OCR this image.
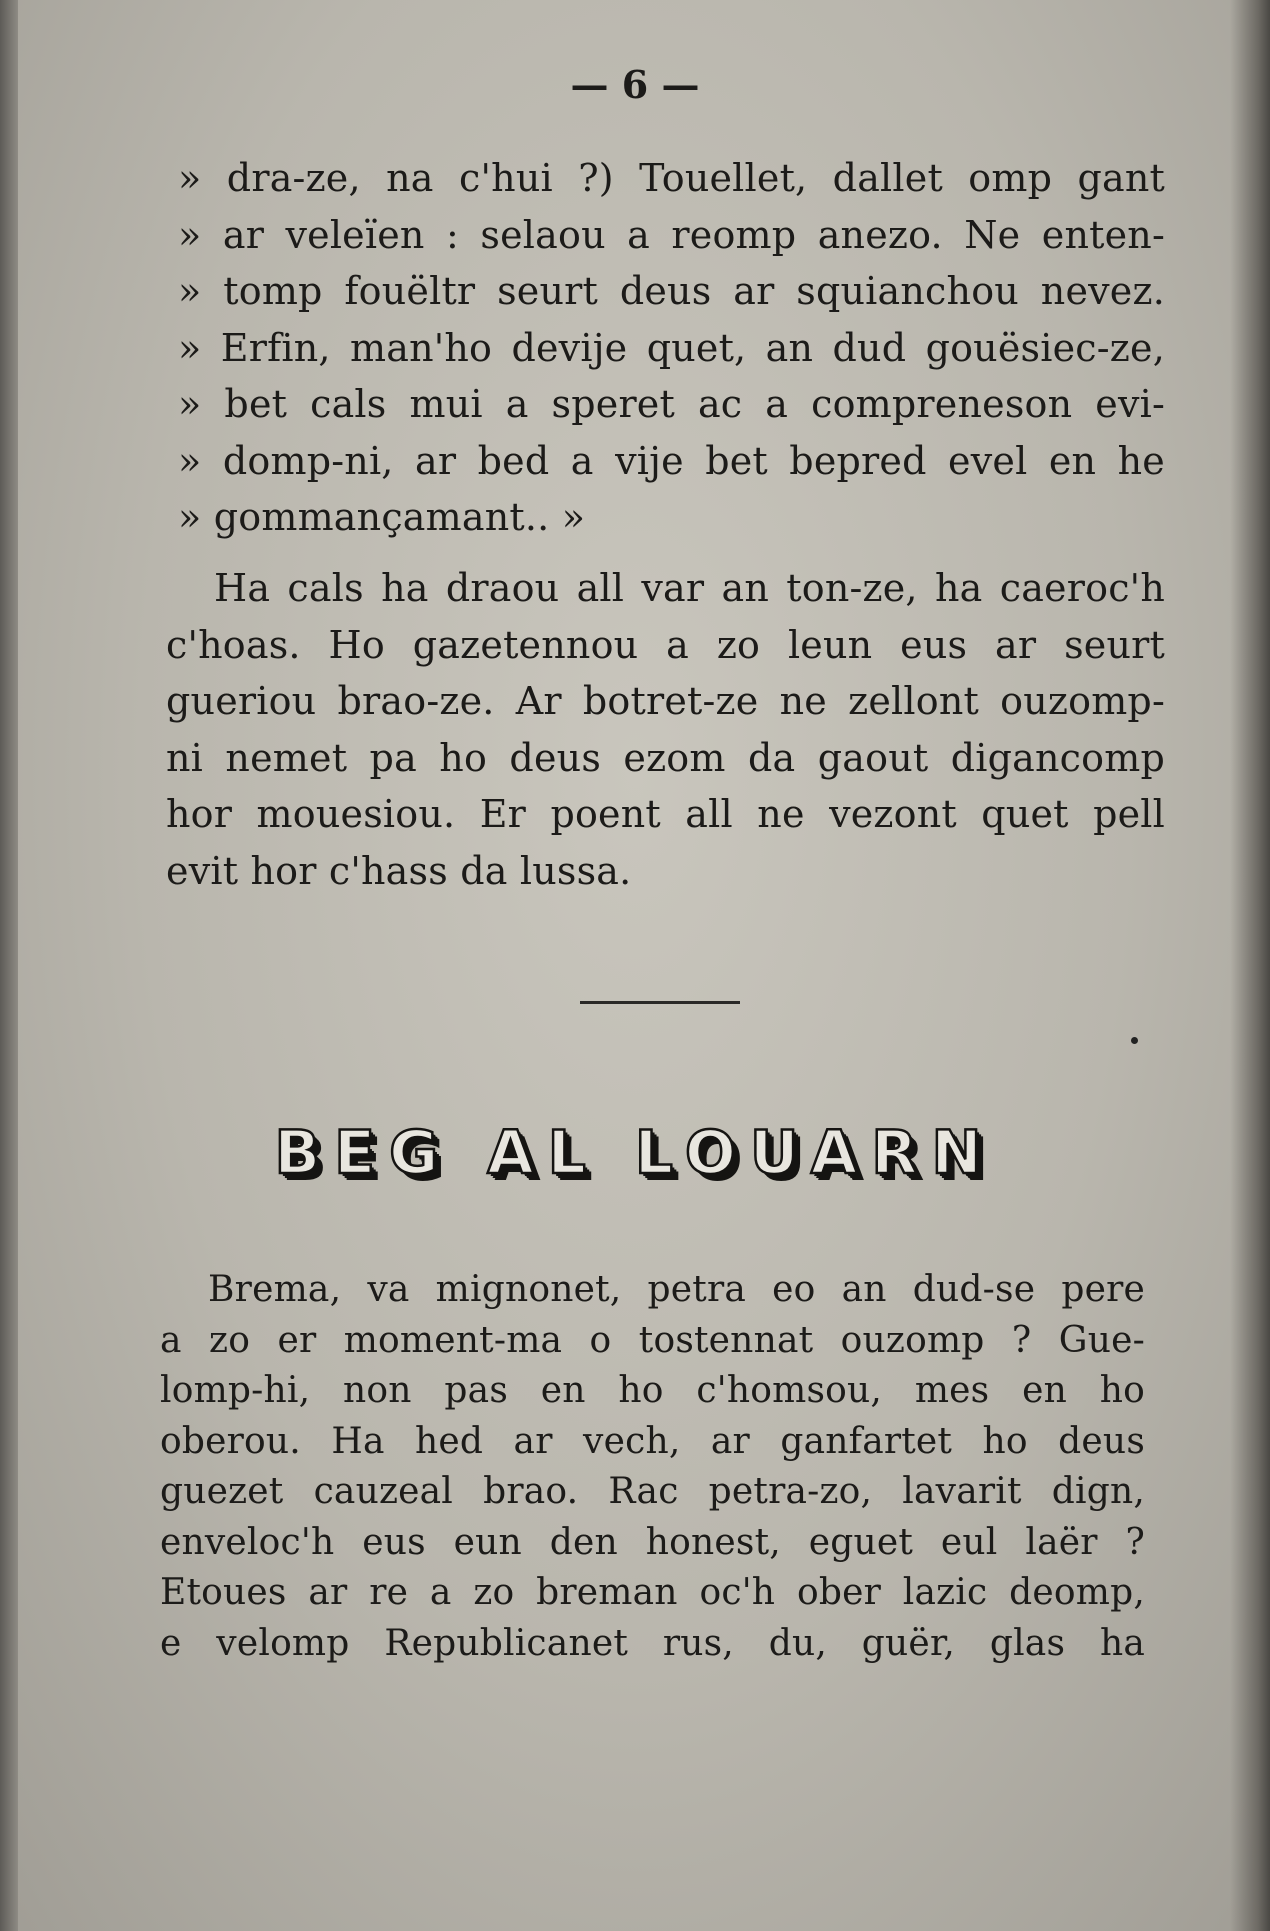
— 6 —
» dra-ze, na c'hui ?) Touellet, dallet omp gant
» ar veleïen : selaou a reomp anezo. Ne enten-
» tomp fouëltr seurt deus ar squianchou nevez.
» Erfin, man'ho devije quet, an dud gouësiec-ze,
» bet cals mui a speret ac a compreneson evi-
» domp-ni, ar bed a vije bet bepred evel en he
» gommançamant.. »
Ha cals ha draou all var an ton-ze, ha caeroc'h
c'hoas. Ho gazetennou a zo leun eus ar seurt
gueriou brao-ze. Ar botret-ze ne zellont ouzomp-
ni nemet pa ho deus ezom da gaout digancomp
hor mouesiou. Er poent all ne vezont quet pell
evit hor c'hass da lussa.
BEG AL LOUARN
Brema, va mignonet, petra eo an dud-se pere
a zo er moment-ma o tostennat ouzomp ? Gue-
lomp-hi, non pas en ho c'homsou, mes en ho
oberou. Ha hed ar vech, ar ganfartet ho deus
guezet cauzeal brao. Rac petra-zo, lavarit dign,
enveloc'h eus eun den honest, eguet eul laër ?
Etoues ar re a zo breman oc'h ober lazic deomp,
e velomp Republicanet rus, du, guër, glas ha
